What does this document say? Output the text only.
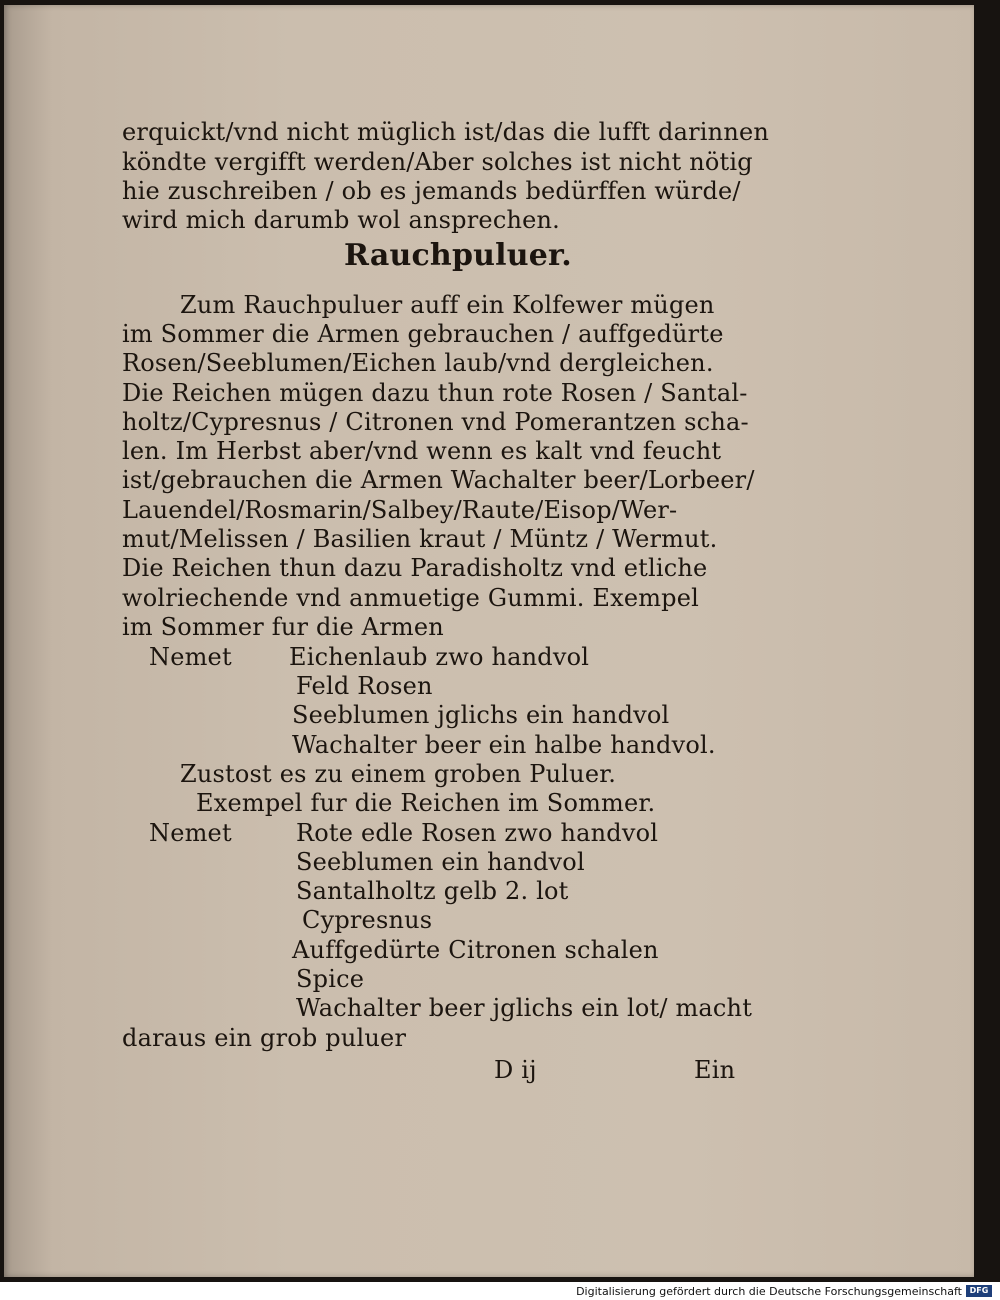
erquickt/vnd nicht müglich ist/das die lufft darinnen
köndte vergifft werden/Aber solches ist nicht nötig
hie zuschreiben / ob es jemands bedürffen würde/
wird mich darumb wol ansprechen.
Rauchpuluer.
Zum Rauchpuluer auff ein Kolfewer mügen
im Sommer die Armen gebrauchen / auffgedürte
Rosen/Seeblumen/Eichen laub/vnd dergleichen.
Die Reichen mügen dazu thun rote Rosen / Santal-
holtz/Cypresnus / Citronen vnd Pomerantzen scha-
len. Im Herbst aber/vnd wenn es kalt vnd feucht
ist/gebrauchen die Armen Wachalter beer/Lorbeer/
Lauendel/Rosmarin/Salbey/Raute/Eisop/Wer-
mut/Melissen / Basilien kraut / Müntz / Wermut.
Die Reichen thun dazu Paradisholtz vnd etliche
wolriechende vnd anmuetige Gummi. Exempel
im Sommer fur die Armen
Nemet Eichenlaub zwo handvol
Feld Rosen
Seeblumen jglichs ein handvol
Wachalter beer ein halbe handvol.
Zustost es zu einem groben Puluer.
Exempel fur die Reichen im Sommer.
Nemet	Rote edle Rosen zwo handvol
Seeblumen ein handvol
Santalholtz gelb 2. lot
Cypresnus
Auffgedürte Citronen schalen
Spice
Wachalter beer jglichs ein lot/ macht
daraus ein grob puluer
D ij	Ein
Digitalisierung gefördert durch die Deutsche Forschungsgemeinschaft DFG
